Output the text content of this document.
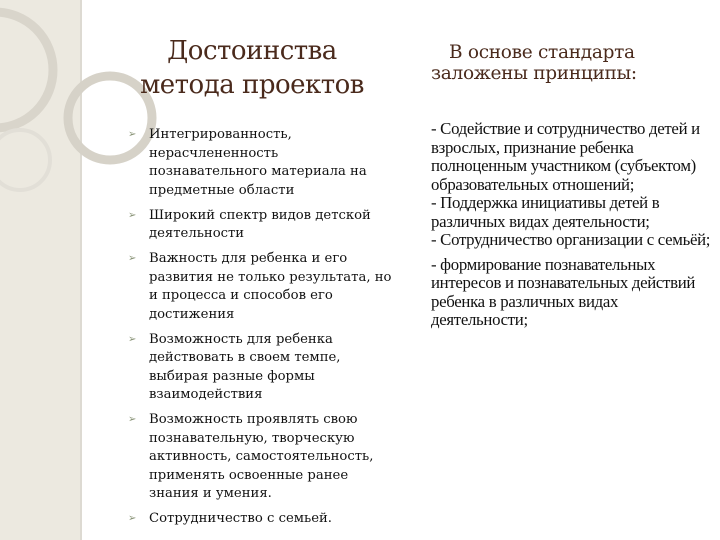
Достоинства
метода проектов
➢ Интегрированность, нерасчлененность познавательного материала на предметные области
➢ Широкий спектр видов детской деятельности
➢ Важность для ребенка и его развития не только результата, но и процесса и способов его достижения
➢ Возможность для ребенка действовать в своем темпе, выбирая разные формы взаимодействия
➢ Возможность проявлять свою познавательную, творческую активность, самостоятельность, применять освоенные ранее знания и умения.
➢ Сотрудничество с семьей.
В основе стандарта
заложены принципы:

- Содействие и сотрудничество детей и взрослых, признание ребенка полноценным участником (субъектом) образовательных отношений;

- Поддержка инициативы детей в различных видах деятельности;

- Сотрудничество организации с семьёй;

- формирование познавательных интересов и познавательных действий ребенка в различных видах деятельности;
